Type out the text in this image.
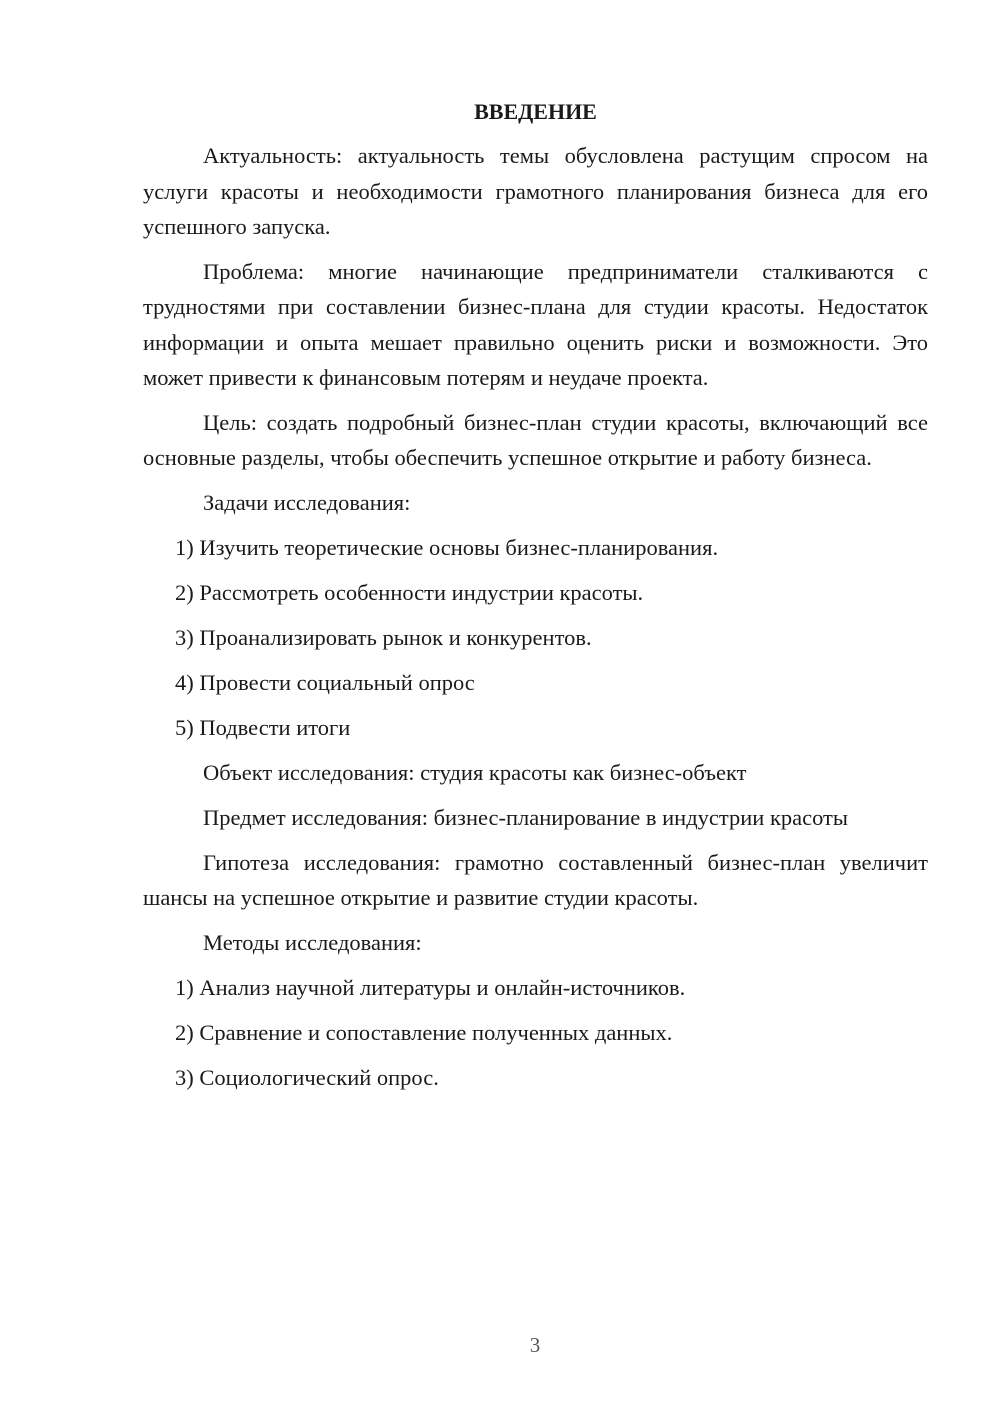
ВВЕДЕНИЕ

Актуальность: актуальность темы обусловлена растущим спросом на услуги красоты и необходимости грамотного планирования бизнеса для его успешного запуска.

Проблема: многие начинающие предприниматели сталкиваются с трудностями при составлении бизнес-плана для студии красоты. Недостаток информации и опыта мешает правильно оценить риски и возможности. Это может привести к финансовым потерям и неудаче проекта.

Цель: создать подробный бизнес-план студии красоты, включающий все основные разделы, чтобы обеспечить успешное открытие и работу бизнеса.

Задачи исследования:
1) Изучить теоретические основы бизнес-планирования.
2) Рассмотреть особенности индустрии красоты.
3) Проанализировать рынок и конкурентов.
4) Провести социальный опрос
5) Подвести итоги
Объект исследования: студия красоты как бизнес-объект
Предмет исследования: бизнес-планирование в индустрии красоты

Гипотеза исследования: грамотно составленный бизнес-план увеличит шансы на успешное открытие и развитие студии красоты.

Методы исследования:
1) Анализ научной литературы и онлайн-источников.
2) Сравнение и сопоставление полученных данных.
3) Социологический опрос.
3
